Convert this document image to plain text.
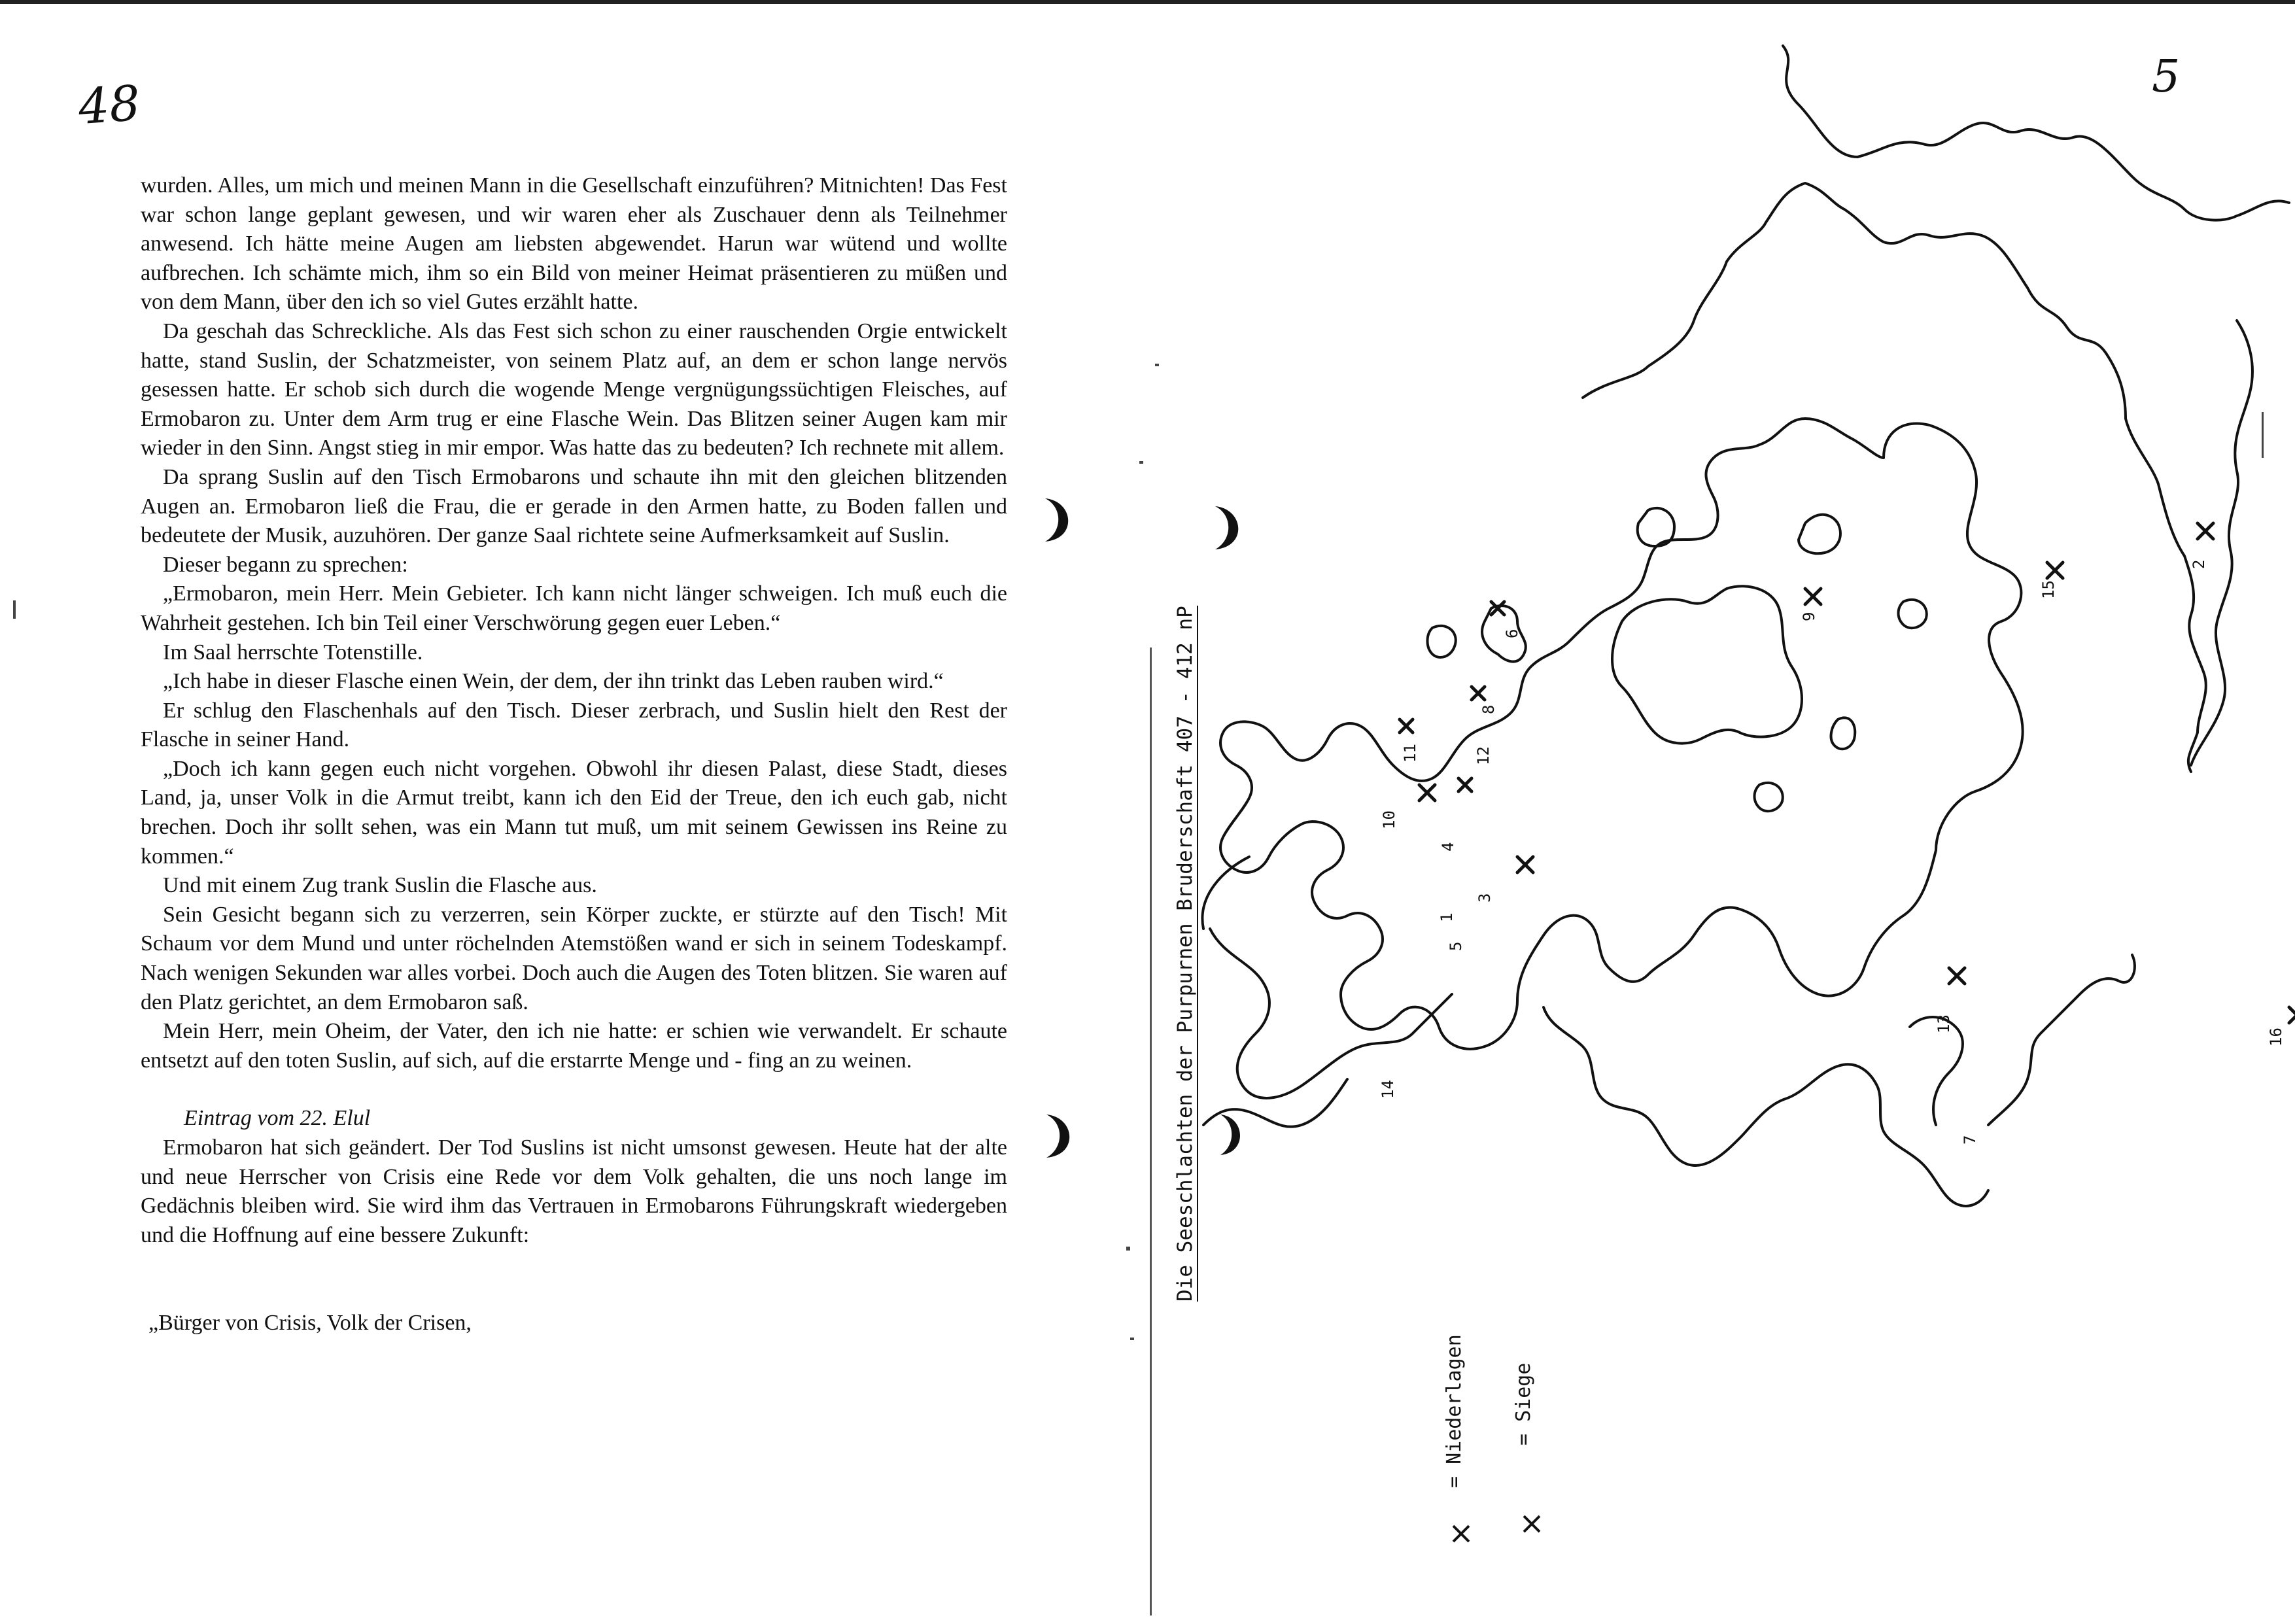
48	5

wurden. Alles, um mich und meinen Mann in die Gesellschaft einzuführen? Mitnichten! Das Fest war schon lange geplant gewesen, und wir waren eher als Zuschauer denn als Teilnehmer anwesend. Ich hätte meine Augen am liebsten abgewendet. Harun war wütend und wollte aufbrechen. Ich schämte mich, ihm so ein Bild von meiner Heimat präsentieren zu müßen und von dem Mann, über den ich so viel Gutes erzählt hatte.

Da geschah das Schreckliche. Als das Fest sich schon zu einer rauschenden Orgie entwickelt hatte, stand Suslin, der Schatzmeister, von seinem Platz auf, an dem er schon lange nervös gesessen hatte. Er schob sich durch die wogende Menge vergnügungssüchtigen Fleisches, auf Ermobaron zu. Unter dem Arm trug er eine Flasche Wein. Das Blitzen seiner Augen kam mir wieder in den Sinn. Angst stieg in mir empor. Was hatte das zu bedeuten? Ich rechnete mit allem.

Da sprang Suslin auf den Tisch Ermobarons und schaute ihn mit den gleichen blitzenden Augen an. Ermobaron ließ die Frau, die er gerade in den Armen hatte, zu Boden fallen und bedeutete der Musik, auzuhören. Der ganze Saal richtete seine Aufmerksamkeit auf Suslin.

Dieser begann zu sprechen:

„Ermobaron, mein Herr. Mein Gebieter. Ich kann nicht länger schweigen. Ich muß euch die Wahrheit gestehen. Ich bin Teil einer Verschwörung gegen euer Leben.“

Im Saal herrschte Totenstille.

„Ich habe in dieser Flasche einen Wein, der dem, der ihn trinkt das Leben rauben wird.“

Er schlug den Flaschenhals auf den Tisch. Dieser zerbrach, und Suslin hielt den Rest der Flasche in seiner Hand.

„Doch ich kann gegen euch nicht vorgehen. Obwohl ihr diesen Palast, diese Stadt, dieses Land, ja, unser Volk in die Armut treibt, kann ich den Eid der Treue, den ich euch gab, nicht brechen. Doch ihr sollt sehen, was ein Mann tut muß, um mit seinem Gewissen ins Reine zu kommen.“

Und mit einem Zug trank Suslin die Flasche aus.

Sein Gesicht begann sich zu verzerren, sein Körper zuckte, er stürzte auf den Tisch! Mit Schaum vor dem Mund und unter röchelnden Atemstößen wand er sich in seinem Todeskampf. Nach wenigen Sekunden war alles vorbei. Doch auch die Augen des Toten blitzen. Sie waren auf den Platz gerichtet, an dem Ermobaron saß.

Mein Herr, mein Oheim, der Vater, den ich nie hatte: er schien wie verwandelt. Er schaute entsetzt auf den toten Suslin, auf sich, auf die erstarrte Menge und - fing an zu weinen.

Eintrag vom 22. Elul

Ermobaron hat sich geändert. Der Tod Suslins ist nicht umsonst gewesen. Heute hat der alte und neue Herrscher von Crisis eine Rede vor dem Volk gehalten, die uns noch lange im Gedächnis bleiben wird. Sie wird ihm das Vertrauen in Ermobarons Führungskraft wiedergeben und die Hoffnung auf eine bessere Zukunft:

„Bürger von Crisis, Volk der Crisen,

2
15
9
6
8
12
11
10
4
3
1
5
14
13
7
16
Die Seeschlachten der Purpurnen Bruderschaft 407 - 412 nP
= Niederlagen = Siege
